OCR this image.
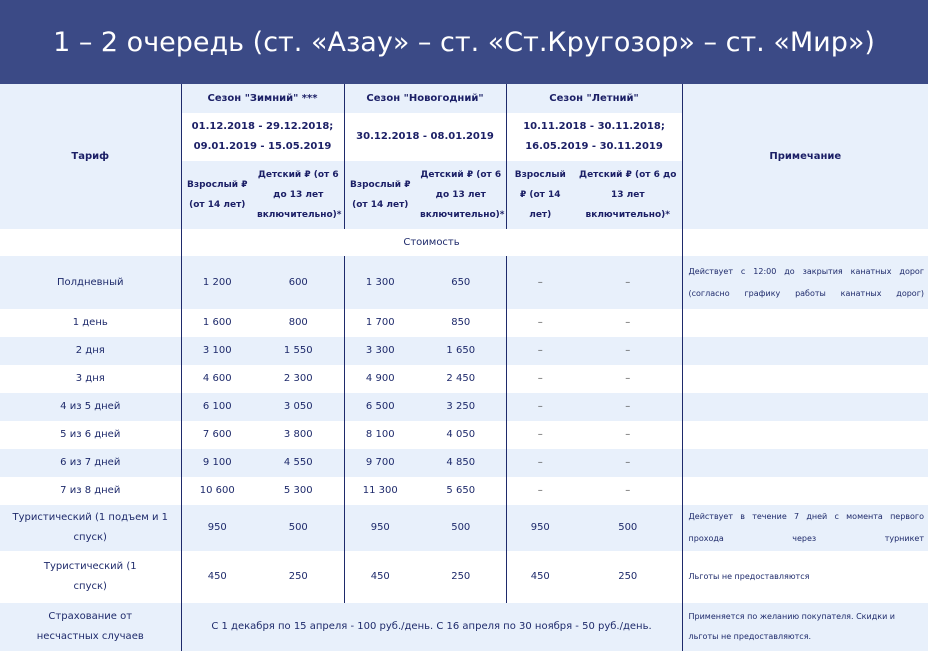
1 – 2 очередь (ст. «Азау» – ст. «Ст.Кругозор» – ст. «Мир»)
Тариф	Сезон "Зимний" ***		Сезон "Новогодний"		Сезон "Летний"		Примечание
	01.12.2018 - 29.12.2018; 09.01.2019 - 15.05.2019		30.12.2018 - 08.01.2019		10.11.2018 - 30.11.2018; 16.05.2019 - 30.11.2019		
	Взрослый ₽ (от 14 лет)	Детский ₽ (от 6 до 13 лет включительно)*	Взрослый ₽ (от 14 лет)	Детский ₽ (от 6 до 13 лет включительно)*	Взрослый ₽ (от 14 лет)	Детский ₽ (от 6 до 13 лет включительно)*	
	Стоимость						
Полдневный	1 200	600	1 300	650	–	–	Действует с 12:00 до закрытия канатных дорог (согласно графику работы канатных дорог)
1 день	1 600	800	1 700	850	–	–	
2 дня	3 100	1 550	3 300	1 650	–	–	
3 дня	4 600	2 300	4 900	2 450	–	–	
4 из 5 дней	6 100	3 050	6 500	3 250	–	–	
5 из 6 дней	7 600	3 800	8 100	4 050	–	–	
6 из 7 дней	9 100	4 550	9 700	4 850	–	–	
7 из 8 дней	10 600	5 300	11 300	5 650	–	–	
Туристический (1 подъем и 1 спуск)	950	500	950	500	950	500	Действует в течение 7 дней с момента первого прохода через турникет
Туристический (1 спуск)	450	250	450	250	450	250	Льготы не предоставляются
Страхование от несчастных случаев	С 1 декабря по 15 апреля - 100 руб./день. С 16 апреля по 30 ноября - 50 руб./день.						Применяется по желанию покупателя. Скидки и льготы не предоставляются.
